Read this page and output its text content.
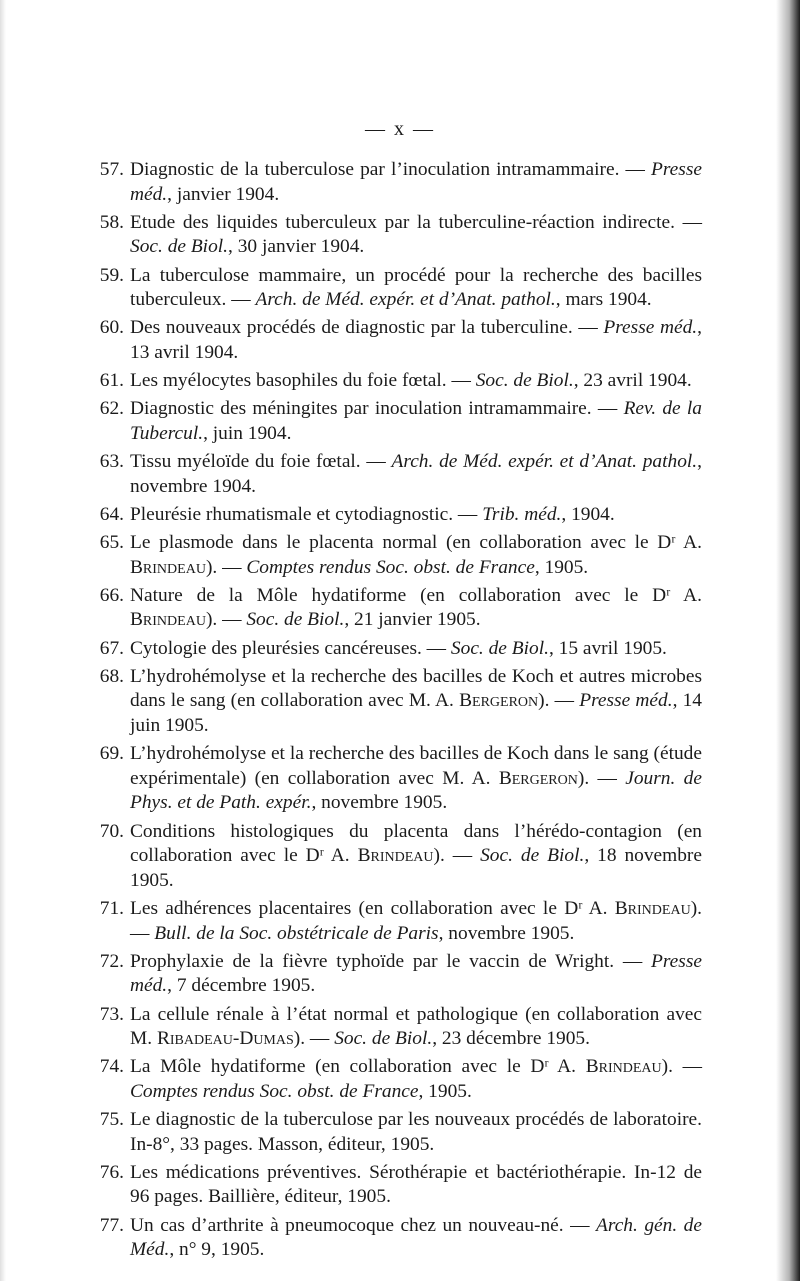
— x —
57. Diagnostic de la tuberculose par l’inoculation intramammaire. — Presse méd., janvier 1904.
58. Etude des liquides tuberculeux par la tuberculine-réaction indirecte. — Soc. de Biol., 30 janvier 1904.
59. La tuberculose mammaire, un procédé pour la recherche des bacilles tuberculeux. — Arch. de Méd. expér. et d’Anat. pathol., mars 1904.
60. Des nouveaux procédés de diagnostic par la tuberculine. — Presse méd., 13 avril 1904.
61. Les myélocytes basophiles du foie fœtal. — Soc. de Biol., 23 avril 1904.
62. Diagnostic des méningites par inoculation intramammaire. — Rev. de la Tubercul., juin 1904.
63. Tissu myéloïde du foie fœtal. — Arch. de Méd. expér. et d’Anat. pathol., novembre 1904.
64. Pleurésie rhumatismale et cytodiagnostic. — Trib. méd., 1904.
65. Le plasmode dans le placenta normal (en collaboration avec le Dʳ A. Brindeau). — Comptes rendus Soc. obst. de France, 1905.
66. Nature de la Môle hydatiforme (en collaboration avec le Dʳ A. Brindeau). — Soc. de Biol., 21 janvier 1905.
67. Cytologie des pleurésies cancéreuses. — Soc. de Biol., 15 avril 1905.
68. L’hydrohémolyse et la recherche des bacilles de Koch et autres microbes dans le sang (en collaboration avec M. A. Bergeron). — Presse méd., 14 juin 1905.
69. L’hydrohémolyse et la recherche des bacilles de Koch dans le sang (étude expérimentale) (en collaboration avec M. A. Bergeron). — Journ. de Phys. et de Path. expér., novembre 1905.
70. Conditions histologiques du placenta dans l’hérédo-contagion (en collaboration avec le Dʳ A. Brindeau). — Soc. de Biol., 18 novembre 1905.
71. Les adhérences placentaires (en collaboration avec le Dʳ A. Brindeau). — Bull. de la Soc. obstétricale de Paris, novembre 1905.
72. Prophylaxie de la fièvre typhoïde par le vaccin de Wright. — Presse méd., 7 décembre 1905.
73. La cellule rénale à l’état normal et pathologique (en collaboration avec M. Ribadeau-Dumas). — Soc. de Biol., 23 décembre 1905.
74. La Môle hydatiforme (en collaboration avec le Dʳ A. Brindeau). — Comptes rendus Soc. obst. de France, 1905.
75. Le diagnostic de la tuberculose par les nouveaux procédés de laboratoire. In-8°, 33 pages. Masson, éditeur, 1905.
76. Les médications préventives. Sérothérapie et bactériothérapie. In-12 de 96 pages. Baillière, éditeur, 1905.
77. Un cas d’arthrite à pneumocoque chez un nouveau-né. — Arch. gén. de Méd., n° 9, 1905.
